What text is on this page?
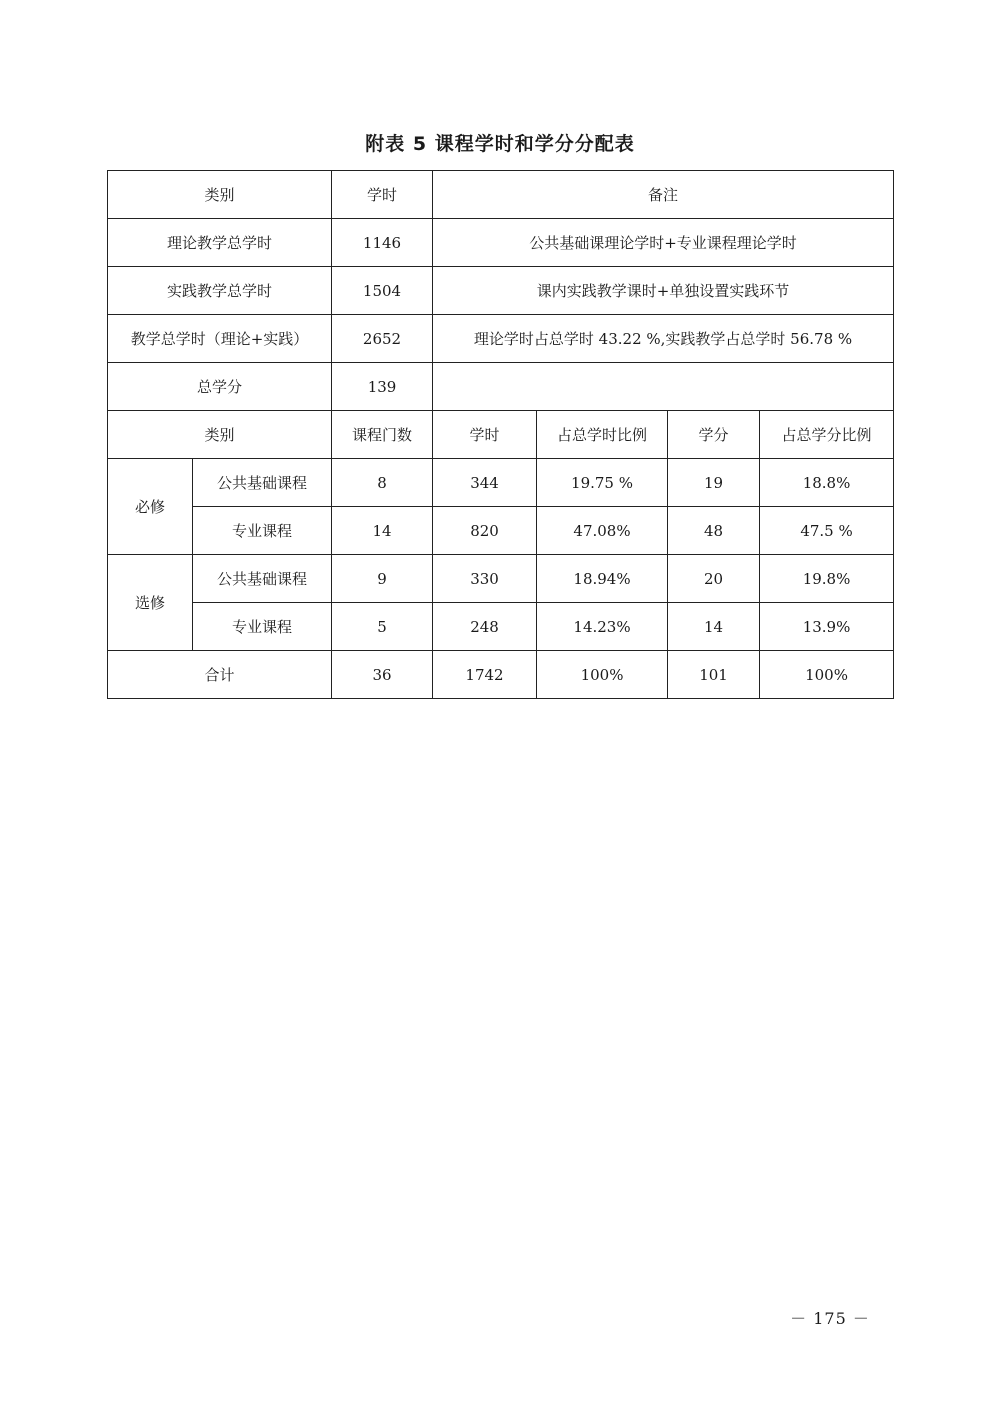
附表 5 课程学时和学分分配表
类别		学时	备注			
理论教学总学时		1146	公共基础课理论学时+专业课程理论学时			
实践教学总学时		1504	课内实践教学课时+单独设置实践环节			
教学总学时（理论+实践）		2652	理论学时占总学时 43.22 %,实践教学占总学时 56.78 %			
总学分		139				
类别		课程门数	学时	占总学时比例	学分	占总学分比例
必修	公共基础课程	8	344	19.75 %	19	18.8%
	专业课程	14	820	47.08%	48	47.5 %
选修	公共基础课程	9	330	18.94%	20	19.8%
	专业课程	5	248	14.23%	14	13.9%
合计		36	1742	100%	101	100%
－ 175 －
